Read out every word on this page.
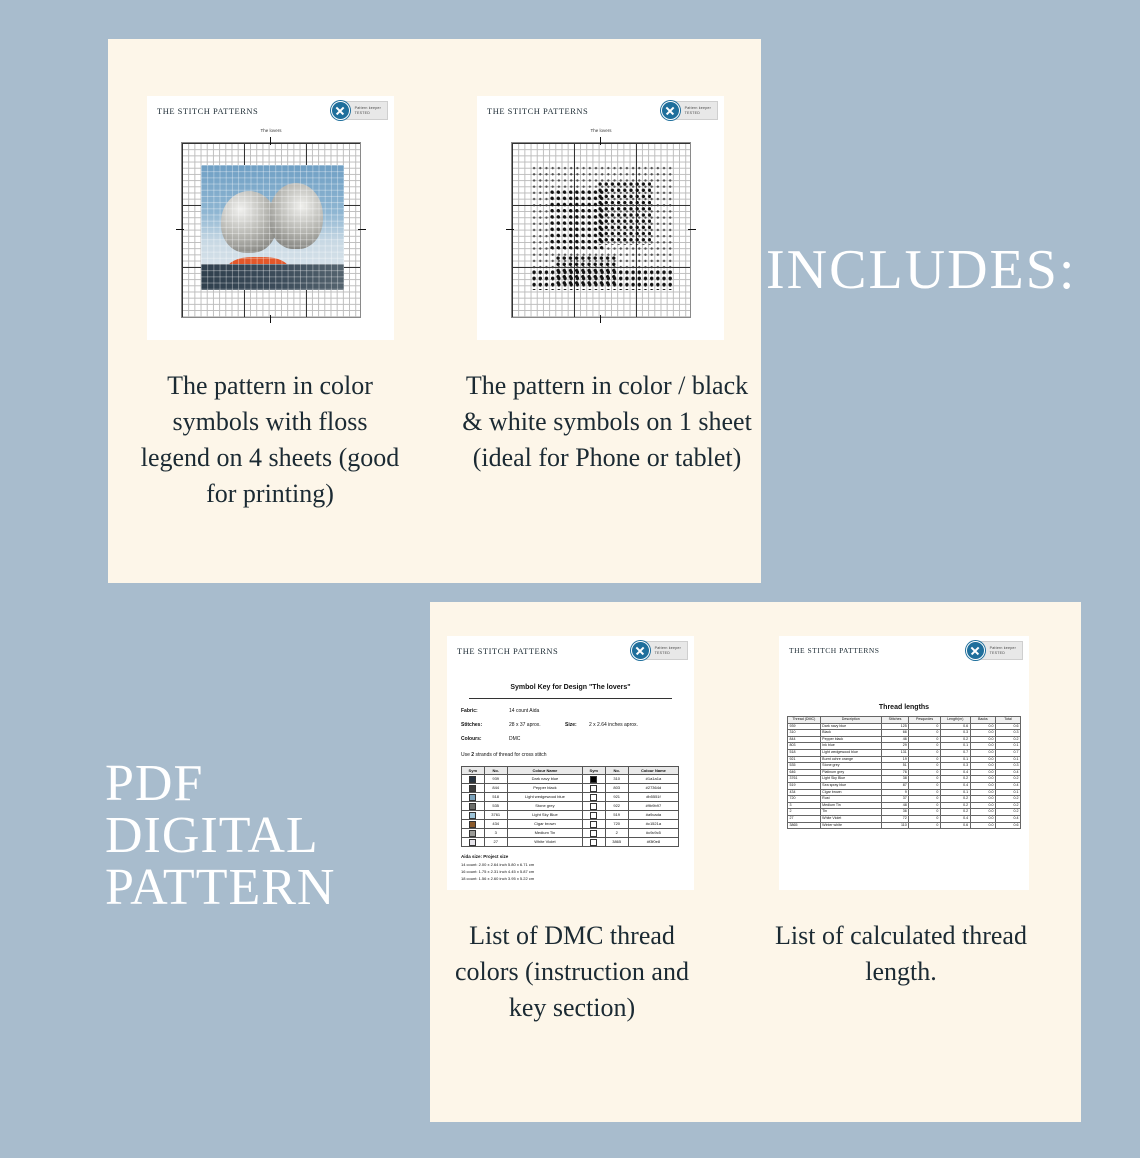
THE STITCH PATTERNS	Pattern keeper
TESTED
The lovers
THE STITCH PATTERNS	Pattern keeper
TESTED
The lovers
The pattern in color symbols with floss legend on 4 sheets (good for printing)
The pattern in color / black & white symbols on 1 sheet (ideal for Phone or tablet)
INCLUDES:
PDF
DIGITAL
PATTERN
THE STITCH PATTERNS	Pattern keeper
TESTED
Symbol Key for Design "The lovers"
Fabric:	14 count Aida
Stitches:	28 x 37 aprox.	Size: 2 x 2.64 inches aprox.
Colours:	DMC
Use 2 strands of thread for cross stitch
Sym	No.	Colour Name	Sym	No.	Colour Name
	939	Dark navy blue		310	#1a1a1a
	844	Pepper black		803	#27364d
	518	Light wedgewood blue		921	#b5551f
	535	Stone grey		922	#9b9b97
	3761	Light Sky Blue		519	#a9cada
	434	Cigar brown		720	#c1521a
	3	Medium Tin		2	#c9c9c5
	27	White Violet		3865	#f3f0e8
Aida size: Project size
14 count: 2.00 x 2.64 inch 5.80 x 6.71 cm
16 count: 1.75 x 2.31 inch 4.45 x 5.87 cm
18 count: 1.56 x 2.60 inch 3.95 x 5.22 cm
THE STITCH PATTERNS	Pattern keeper
TESTED
Thread lengths
Thread (DMC)	Description	Stitches	Pesqurdes	Length(m)	Backs	Total
939	Dark navy blue	125	0	0.6	0.0	0.6
310	Black	66	0	0.3	0.0	0.3
844	Pepper black	46	0	0.2	0.0	0.2
803	Ink blue	29	0	0.1	0.0	0.1
518	Light wedgewood blue	131	0	0.7	0.0	0.7
921	Burnt ochre orange	19	0	0.1	0.0	0.1
535	Stone grey	51	0	0.3	0.0	0.3
646	Platinum grey	76	0	0.4	0.0	0.4
3761	Light Sky Blue	38	0	0.2	0.0	0.2
519	Sea spray blue	87	0	0.4	0.0	0.4
434	Cigar brown	9	0	0.1	0.0	0.1
720	Rust	37	0	0.2	0.0	0.2
3	Medium Tin	48	0	0.2	0.0	0.2
2	Tin	36	0	0.2	0.0	0.2
27	White Violet	72	0	0.4	0.0	0.4
3865	Winter white	110	0	0.6	0.0	0.6
List of DMC thread colors (instruction and key section)
List of calculated thread length.
